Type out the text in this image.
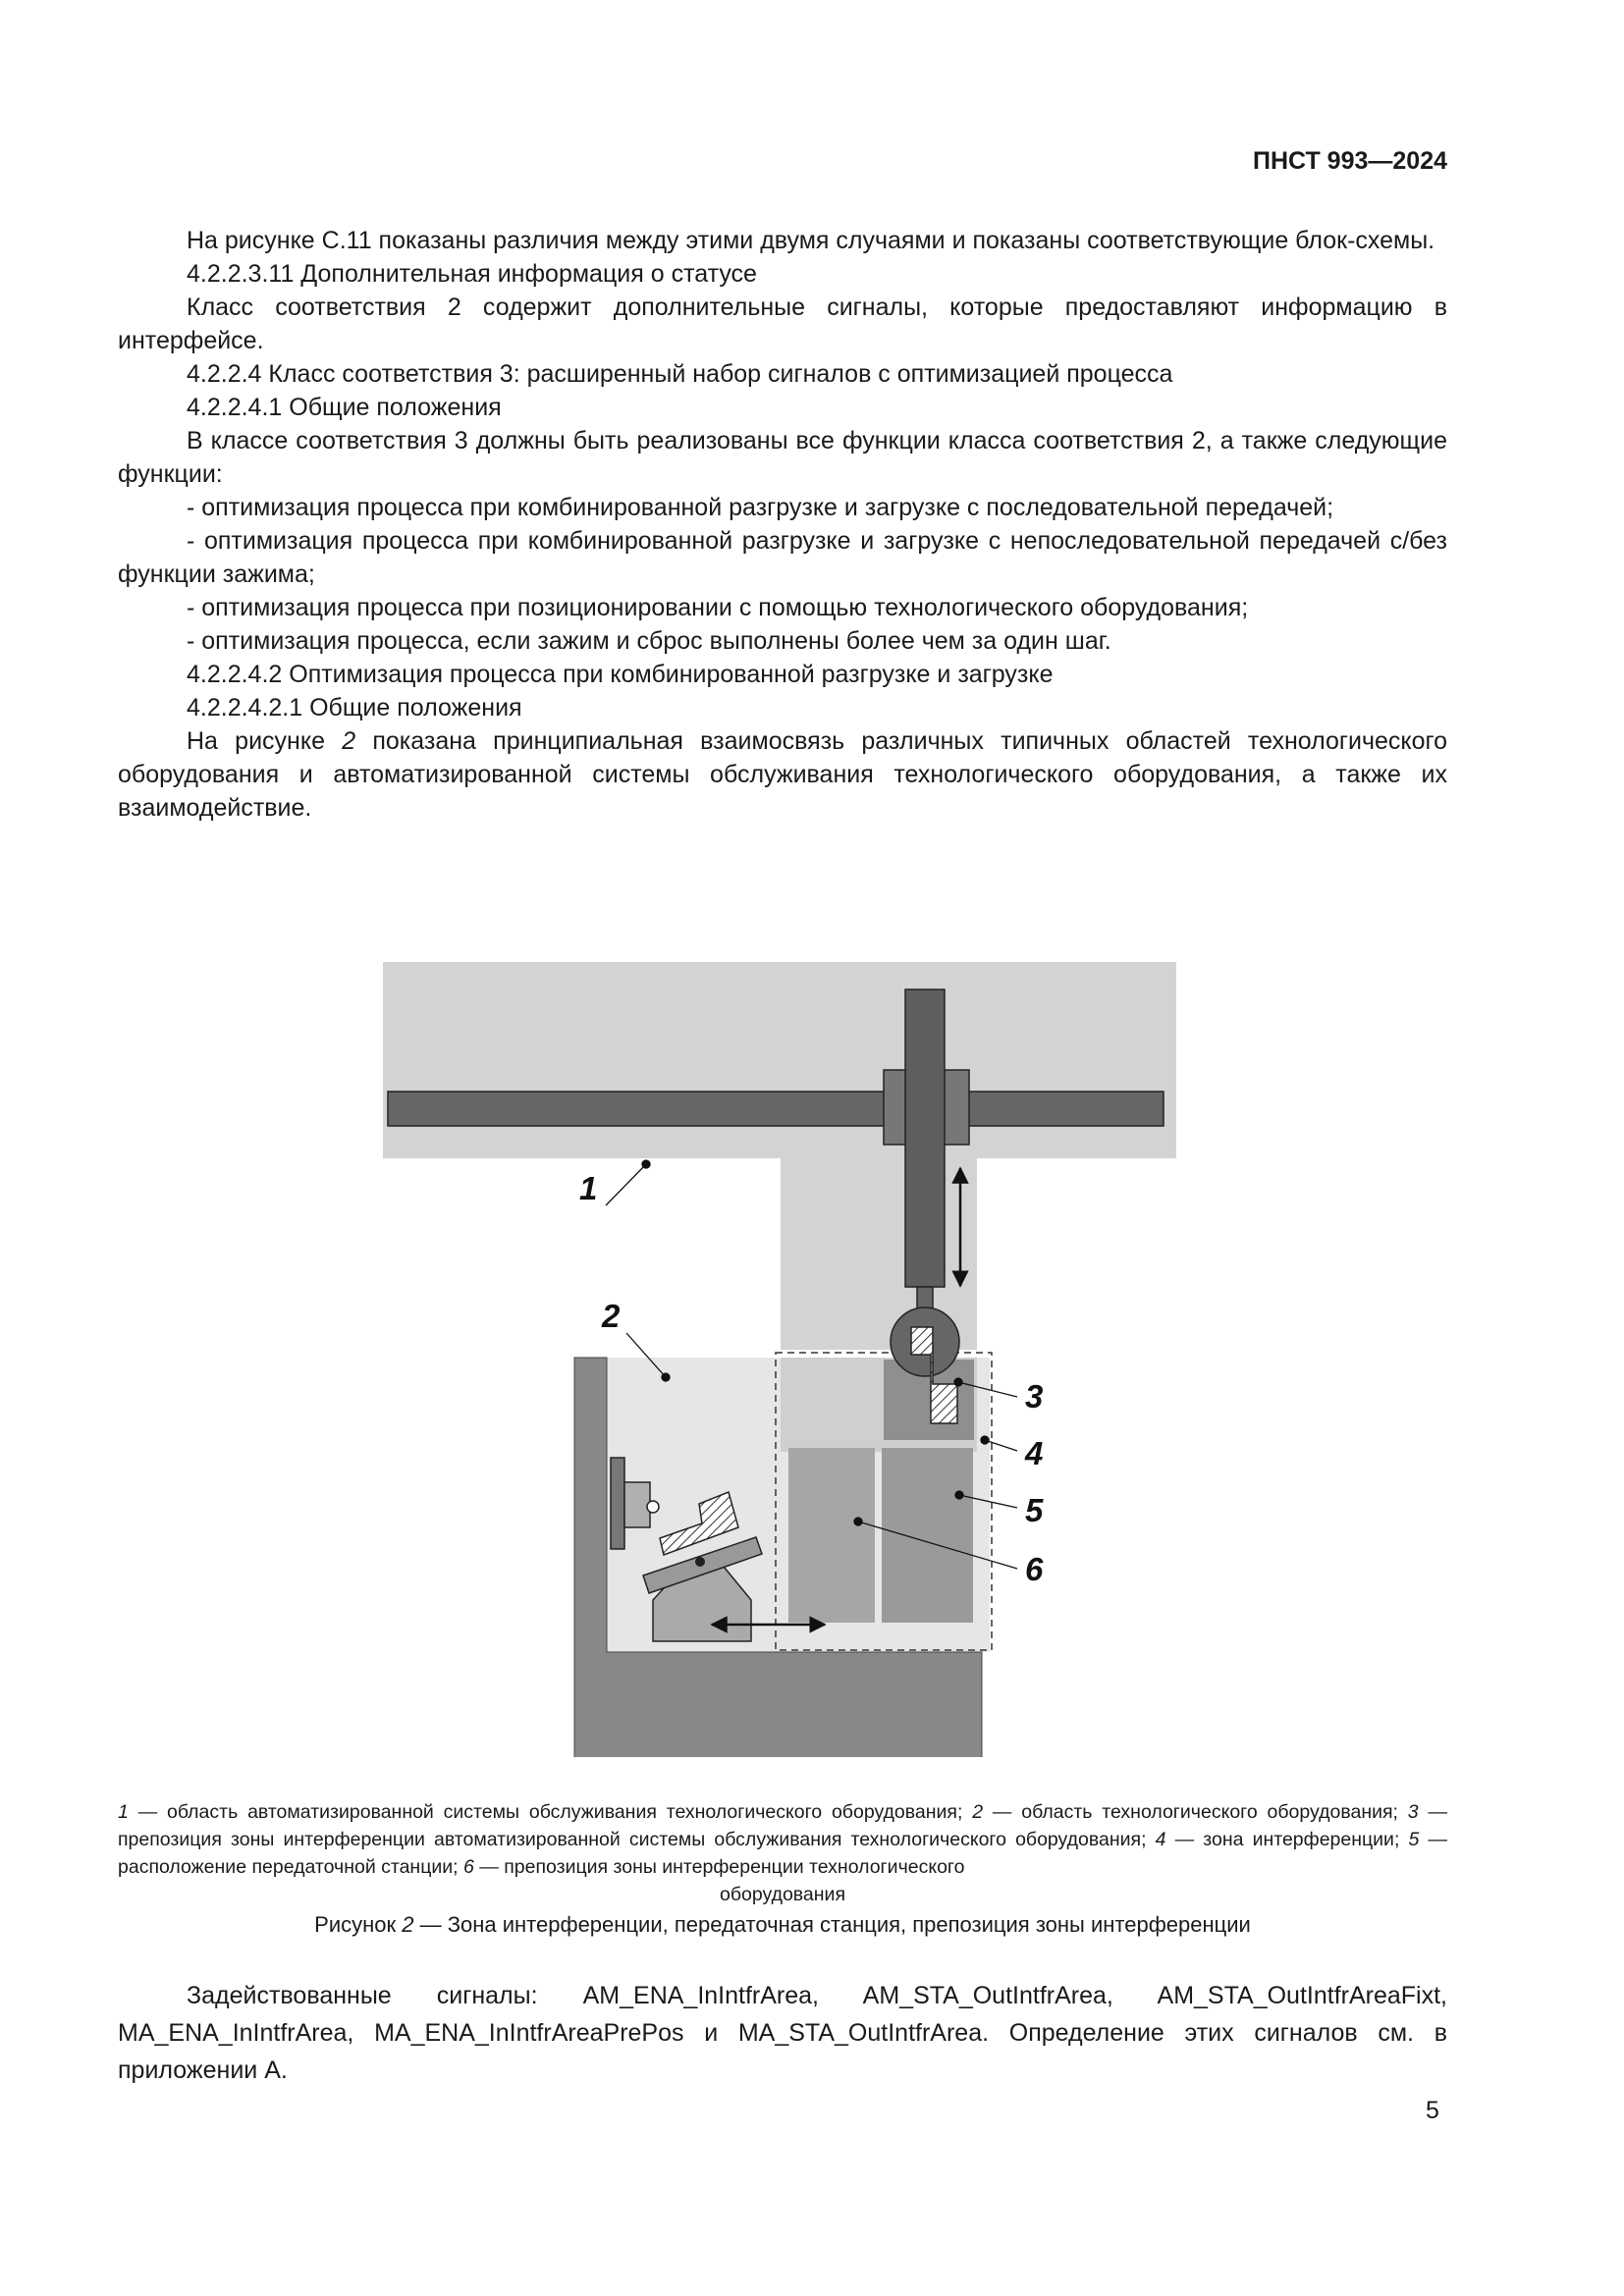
ПНСТ 993—2024

На рисунке С.11 показаны различия между этими двумя случаями и показаны соответствующие блок-схемы.

4.2.2.3.11 Дополнительная информация о статусе

Класс соответствия 2 содержит дополнительные сигналы, которые предоставляют информацию в интерфейсе.

4.2.2.4 Класс соответствия 3: расширенный набор сигналов с оптимизацией процесса

4.2.2.4.1 Общие положения

В классе соответствия 3 должны быть реализованы все функции класса соответствия 2, а также следующие функции:

- оптимизация процесса при комбинированной разгрузке и загрузке с последовательной передачей;

- оптимизация процесса при комбинированной разгрузке и загрузке с непоследовательной передачей с/без функции зажима;

- оптимизация процесса при позиционировании с помощью технологического оборудования;

- оптимизация процесса, если зажим и сброс выполнены более чем за один шаг.

4.2.2.4.2 Оптимизация процесса при комбинированной разгрузке и загрузке

4.2.2.4.2.1 Общие положения

На рисунке 2 показана принципиальная взаимосвязь различных типичных областей технологического оборудования и автоматизированной системы обслуживания технологического оборудования, а также их взаимодействие.

1
2
3
4
5
6
1 — область автоматизированной системы обслуживания технологического оборудования; 2 — область технологического оборудования; 3 — препозиция зоны интерференции автоматизированной системы обслуживания технологического оборудования; 4 — зона интерференции; 5 — расположение передаточной станции; 6 — препозиция зоны интерференции технологического
оборудования
Рисунок 2 — Зона интерференции, передаточная станция, препозиция зоны интерференции

Задействованные сигналы: AM_ENA_InIntfrArea, AM_STA_OutIntfrArea, AM_STA_OutIntfrAreaFixt, MA_ENA_InIntfrArea, MA_ENA_InIntfrAreaPrePos и MA_STA_OutIntfrArea. Определение этих сигналов см. в приложении А.

5
